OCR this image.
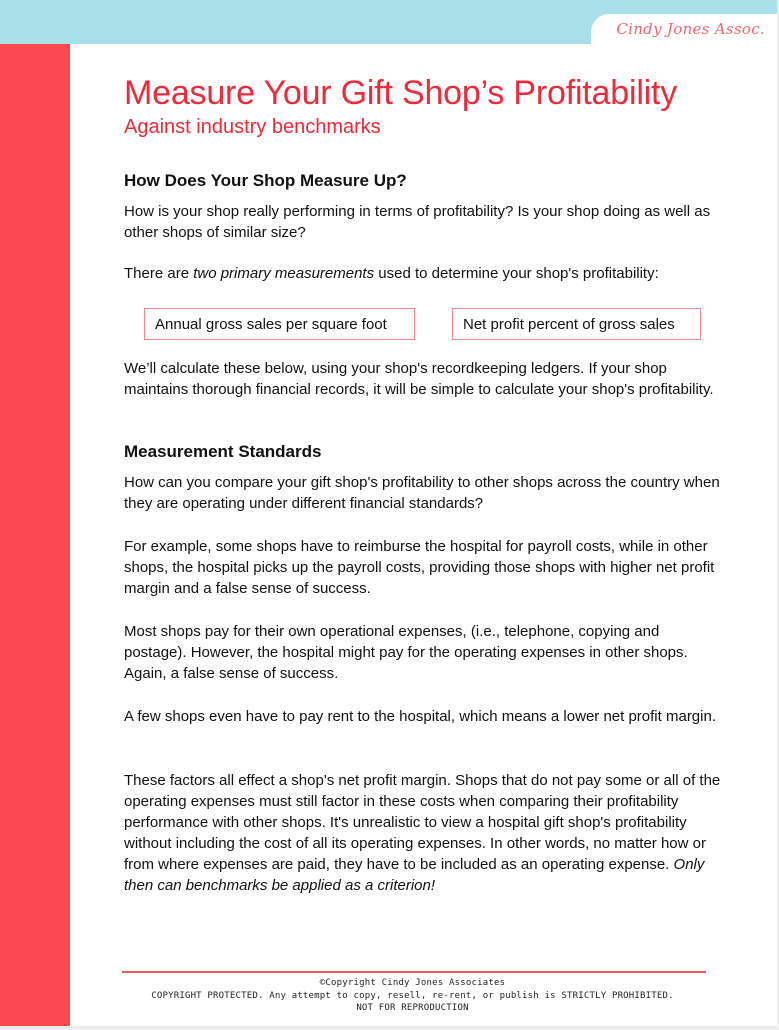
Cindy Jones Assoc.
Measure Your Gift Shop’s Profitability
Against industry benchmarks
How Does Your Shop Measure Up?

How is your shop really performing in terms of profitability? Is your shop doing as well as other shops of similar size?

There are two primary measurements used to determine your shop's profitability:

Annual gross sales per square foot	Net profit percent of gross sales

We’ll calculate these below, using your shop's recordkeeping ledgers. If your shop maintains thorough financial records, it will be simple to calculate your shop's profitability.

Measurement Standards

How can you compare your gift shop's profitability to other shops across the country when they are operating under different financial standards?

For example, some shops have to reimburse the hospital for payroll costs, while in other shops, the hospital picks up the payroll costs, providing those shops with higher net profit margin and a false sense of success.

Most shops pay for their own operational expenses, (i.e., telephone, copying and postage). However, the hospital might pay for the operating expenses in other shops. Again, a false sense of success.

A few shops even have to pay rent to the hospital, which means a lower net profit margin.

These factors all effect a shop's net profit margin. Shops that do not pay some or all of the operating expenses must still factor in these costs when comparing their profitability performance with other shops. It's unrealistic to view a hospital gift shop's profitability without including the cost of all its operating expenses. In other words, no matter how or from where expenses are paid, they have to be included as an operating expense. Only then can benchmarks be applied as a criterion!

©Copyright Cindy Jones Associates
COPYRIGHT PROTECTED. Any attempt to copy, resell, re-rent, or publish is STRICTLY PROHIBITED.
NOT FOR REPRODUCTION
